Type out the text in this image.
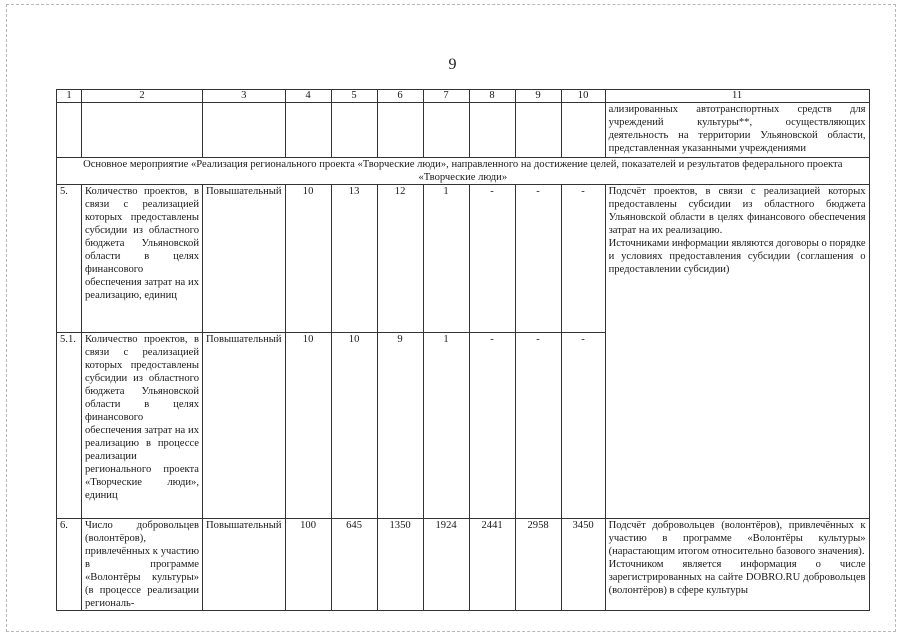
9
1	2	3	4	5	6	7	8	9	10	11
										ализированных автотранспортных средств для учреждений культуры**, осуществляющих деятельность на территории Ульяновской области, представленная указанными учреждениями
Основное мероприятие «Реализация регионального проекта «Творческие люди», направленного на достижение целей, показателей и результатов федерального проекта «Творческие люди»										
5.	Количество проектов, в связи с реализацией которых предоставлены субсидии из областного бюджета Ульяновской области в целях финансового обеспечения затрат на их реализацию, единиц	Повышательный	10	13	12	1	-	-	-	Подсчёт проектов, в связи с реализацией которых предоставлены субсидии из областного бюджета Ульяновской области в целях финансового обеспечения затрат на их реализацию.
Источниками информации являются договоры о порядке и условиях предоставления субсидии (соглашения о предоставлении субсидии)

5.1.	Количество проектов, в связи с реализацией которых предоставлены субсидии из областного бюджета Ульяновской области в целях финансового обеспечения затрат на их реализацию в процессе реализации регионального проекта «Творческие люди», единиц	Повышательный	10	10	9	1	-	-	-	
6.	Число добровольцев (волонтёров), привлечённых к участию в программе «Волонтёры культуры» (в процессе реализации региональ-	Повышательный	100	645	1350	1924	2441	2958	3450	Подсчёт добровольцев (волонтёров), привлечённых к участию в программе «Волонтёры культуры» (нарастающим итогом относительно базового значения).
Источником является информация о числе зарегистрированных на сайте DOBRO.RU добровольцев (волонтёров) в сфере культуры
